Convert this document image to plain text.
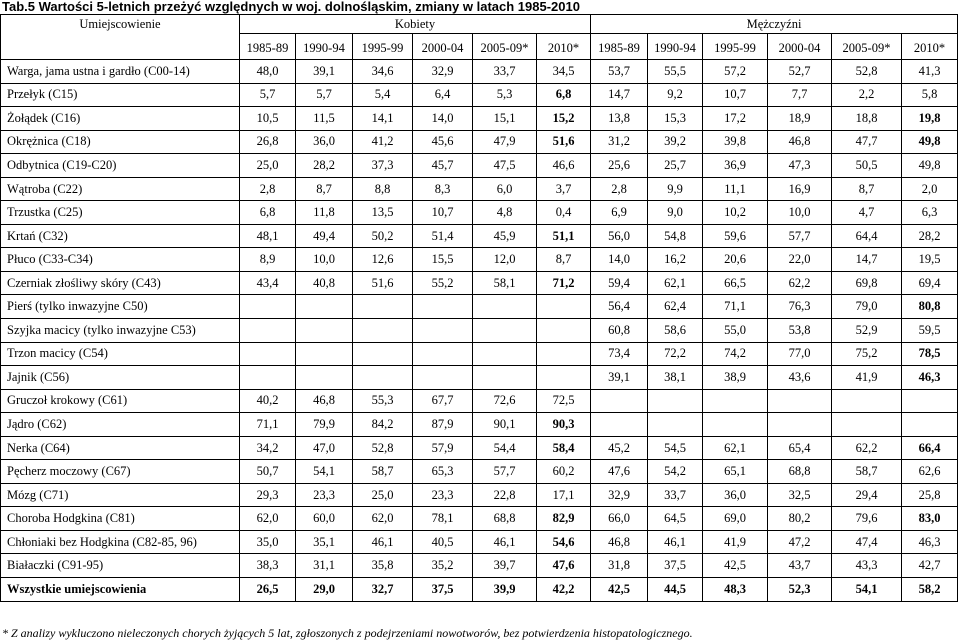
Tab.5 Wartości 5-letnich przeżyć względnych w woj. dolnośląskim, zmiany w latach 1985-2010
Umiejscowienie	Kobiety						Mężczyźni					
	1985-89	1990-94	1995-99	2000-04	2005-09*	2010*	1985-89	1990-94	1995-99	2000-04	2005-09*	2010*
Warga, jama ustna i gardło (C00-14)	48,0	39,1	34,6	32,9	33,7	34,5	53,7	55,5	57,2	52,7	52,8	41,3
Przełyk (C15)	5,7	5,7	5,4	6,4	5,3	6,8	14,7	9,2	10,7	7,7	2,2	5,8
Żołądek (C16)	10,5	11,5	14,1	14,0	15,1	15,2	13,8	15,3	17,2	18,9	18,8	19,8
Okrężnica (C18)	26,8	36,0	41,2	45,6	47,9	51,6	31,2	39,2	39,8	46,8	47,7	49,8
Odbytnica (C19-C20)	25,0	28,2	37,3	45,7	47,5	46,6	25,6	25,7	36,9	47,3	50,5	49,8
Wątroba (C22)	2,8	8,7	8,8	8,3	6,0	3,7	2,8	9,9	11,1	16,9	8,7	2,0
Trzustka (C25)	6,8	11,8	13,5	10,7	4,8	0,4	6,9	9,0	10,2	10,0	4,7	6,3
Krtań (C32)	48,1	49,4	50,2	51,4	45,9	51,1	56,0	54,8	59,6	57,7	64,4	28,2
Płuco (C33-C34)	8,9	10,0	12,6	15,5	12,0	8,7	14,0	16,2	20,6	22,0	14,7	19,5
Czerniak złośliwy skóry (C43)	43,4	40,8	51,6	55,2	58,1	71,2	59,4	62,1	66,5	62,2	69,8	69,4
Pierś (tylko inwazyjne C50)							56,4	62,4	71,1	76,3	79,0	80,8
Szyjka macicy (tylko inwazyjne C53)							60,8	58,6	55,0	53,8	52,9	59,5
Trzon macicy (C54)							73,4	72,2	74,2	77,0	75,2	78,5
Jajnik (C56)							39,1	38,1	38,9	43,6	41,9	46,3
Gruczoł krokowy (C61)	40,2	46,8	55,3	67,7	72,6	72,5						
Jądro (C62)	71,1	79,9	84,2	87,9	90,1	90,3						
Nerka (C64)	34,2	47,0	52,8	57,9	54,4	58,4	45,2	54,5	62,1	65,4	62,2	66,4
Pęcherz moczowy (C67)	50,7	54,1	58,7	65,3	57,7	60,2	47,6	54,2	65,1	68,8	58,7	62,6
Mózg (C71)	29,3	23,3	25,0	23,3	22,8	17,1	32,9	33,7	36,0	32,5	29,4	25,8
Choroba Hodgkina (C81)	62,0	60,0	62,0	78,1	68,8	82,9	66,0	64,5	69,0	80,2	79,6	83,0
Chłoniaki bez Hodgkina (C82-85, 96)	35,0	35,1	46,1	40,5	46,1	54,6	46,8	46,1	41,9	47,2	47,4	46,3
Białaczki (C91-95)	38,3	31,1	35,8	35,2	39,7	47,6	31,8	37,5	42,5	43,7	43,3	42,7
Wszystkie umiejscowienia	26,5	29,0	32,7	37,5	39,9	42,2	42,5	44,5	48,3	52,3	54,1	58,2
* Z analizy wykluczono nieleczonych chorych żyjących 5 lat, zgłoszonych z podejrzeniami nowotworów, bez potwierdzenia histopatologicznego.
